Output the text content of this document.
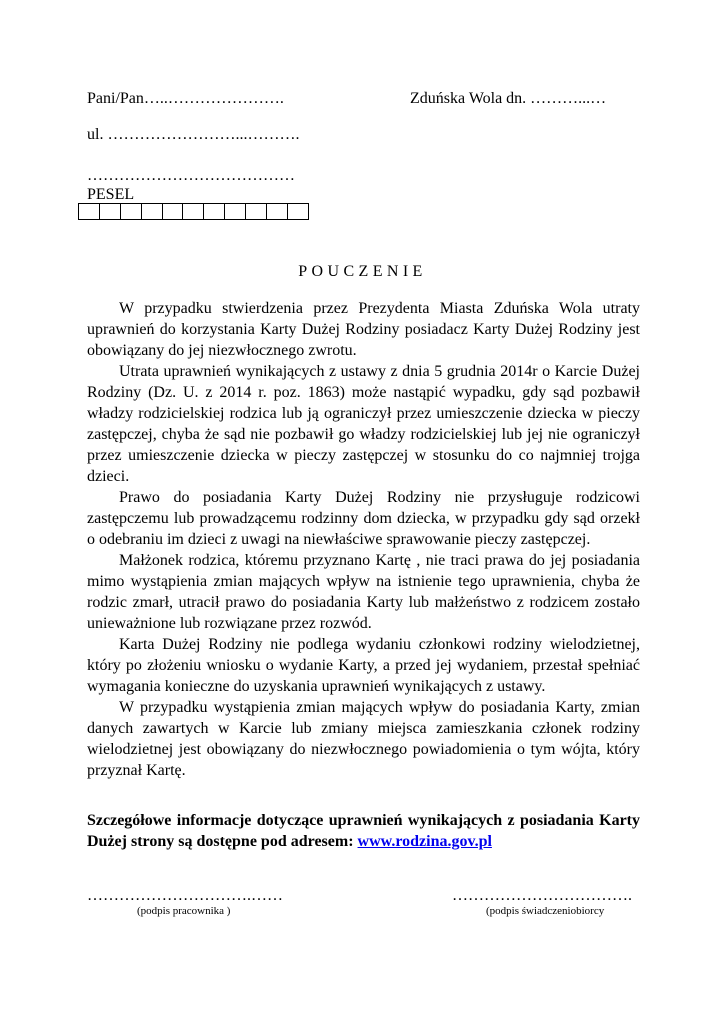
Pani/Pan…..………………….	Zduńska Wola dn. ………...…
ul. ……………………...……….
…………………………………
PESEL
POUCZENIE

W przypadku stwierdzenia przez Prezydenta Miasta Zduńska Wola utraty uprawnień do korzystania Karty Dużej Rodziny posiadacz Karty Dużej Rodziny jest obowiązany do jej niezwłocznego zwrotu.

Utrata uprawnień wynikających z ustawy z dnia 5 grudnia 2014r o Karcie Dużej Rodziny (Dz. U. z 2014 r. poz. 1863) może nastąpić wypadku, gdy sąd pozbawił władzy rodzicielskiej rodzica lub ją ograniczył przez umieszczenie dziecka w pieczy zastępczej, chyba że sąd nie pozbawił go władzy rodzicielskiej lub jej nie ograniczył przez umieszczenie dziecka w pieczy zastępczej w stosunku do co najmniej trojga dzieci.

Prawo do posiadania Karty Dużej Rodziny nie przysługuje rodzicowi zastępczemu lub prowadzącemu rodzinny dom dziecka, w przypadku gdy sąd orzekł o odebraniu im dzieci z uwagi na niewłaściwe sprawowanie pieczy zastępczej.

Małżonek rodzica, któremu przyznano Kartę , nie traci prawa do jej posiadania mimo wystąpienia zmian mających wpływ na istnienie tego uprawnienia, chyba że rodzic zmarł, utracił prawo do posiadania Karty lub małżeństwo z rodzicem zostało unieważnione lub rozwiązane przez rozwód.

Karta Dużej Rodziny nie podlega wydaniu członkowi rodziny wielodzietnej, który po złożeniu wniosku o wydanie Karty, a przed jej wydaniem, przestał spełniać wymagania konieczne do uzyskania uprawnień wynikających z ustawy.

W przypadku wystąpienia zmian mających wpływ do posiadania Karty, zmian danych zawartych w Karcie lub zmiany miejsca zamieszkania członek rodziny wielodzietnej jest obowiązany do niezwłocznego powiadomienia o tym wójta, który przyznał Kartę.

Szczegółowe informacje dotyczące uprawnień wynikających z posiadania Karty Dużej strony są dostępne pod adresem: www.rodzina.gov.pl

………………………….……	…………………………….
(podpis pracownika )	(podpis świadczeniobiorcy
